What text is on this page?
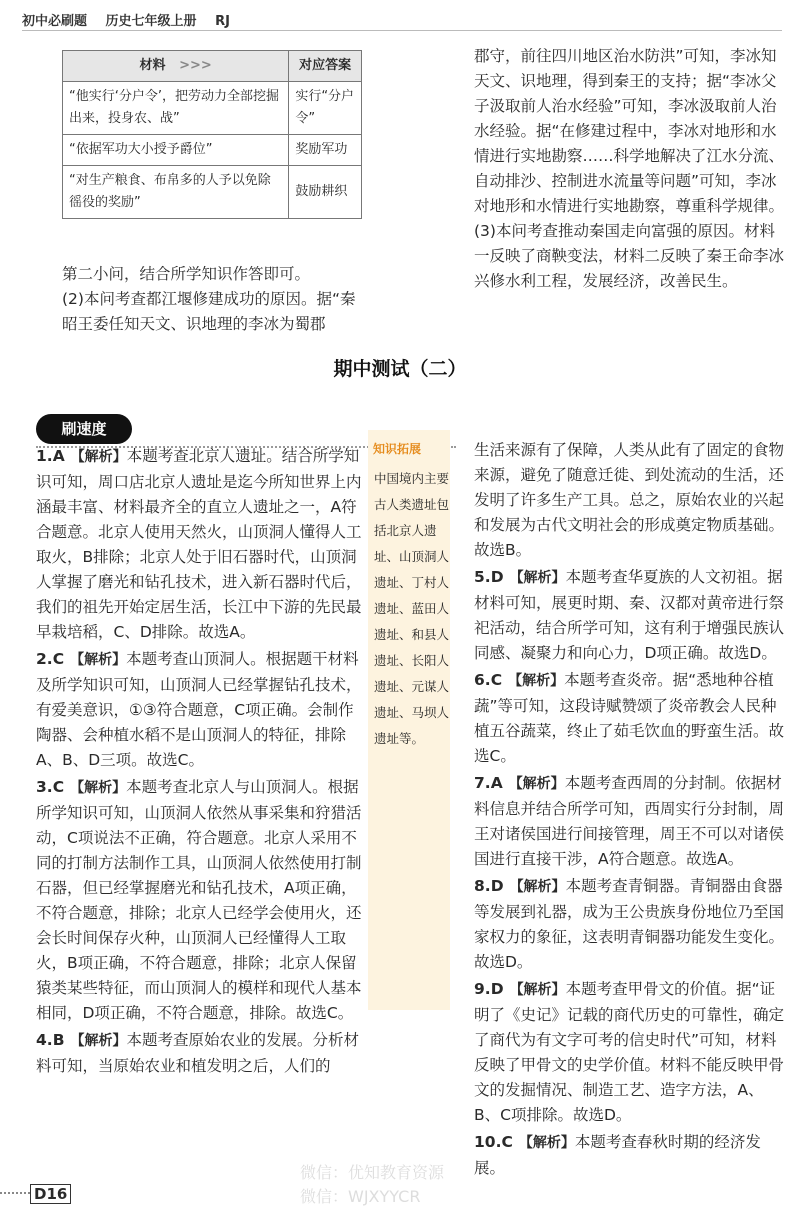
初中必刷题 历史七年级上册 RJ
材料 >>>	对应答案
“他实行‘分户令’，把劳动力全部挖掘出来，投身农、战”	实行“分户令”
“依据军功大小授予爵位”	奖励军功
“对生产粮食、布帛多的人予以免除徭役的奖励”	鼓励耕织

第二小问，结合所学知识作答即可。

(2)本问考查都江堰修建成功的原因。据“秦昭王委任知天文、识地理的李冰为蜀郡

郡守，前往四川地区治水防洪”可知，李冰知天文、识地理，得到秦王的支持；据“李冰父子汲取前人治水经验”可知，李冰汲取前人治水经验。据“在修建过程中，李冰对地形和水情进行实地勘察……科学地解决了江水分流、自动排沙、控制进水流量等问题”可知，李冰对地形和水情进行实地勘察，尊重科学规律。

(3)本问考查推动秦国走向富强的原因。材料一反映了商鞅变法，材料二反映了秦王命李冰兴修水利工程，发展经济，改善民生。

期中测试（二）
刷速度
知识拓展
中国境内主要古人类遗址包括北京人遗址、山顶洞人遗址、丁村人遗址、蓝田人遗址、和县人遗址、长阳人遗址、元谋人遗址、马坝人遗址等。

1.A 【解析】本题考查北京人遗址。结合所学知识可知，周口店北京人遗址是迄今所知世界上内涵最丰富、材料最齐全的直立人遗址之一，A符合题意。北京人使用天然火，山顶洞人懂得人工取火，B排除；北京人处于旧石器时代，山顶洞人掌握了磨光和钻孔技术，进入新石器时代后，我们的祖先开始定居生活，长江中下游的先民最早栽培稻，C、D排除。故选A。

2.C 【解析】本题考查山顶洞人。根据题干材料及所学知识可知，山顶洞人已经掌握钻孔技术，有爱美意识，①③符合题意，C项正确。会制作陶器、会种植水稻不是山顶洞人的特征，排除A、B、D三项。故选C。

3.C 【解析】本题考查北京人与山顶洞人。根据所学知识可知，山顶洞人依然从事采集和狩猎活动，C项说法不正确，符合题意。北京人采用不同的打制方法制作工具，山顶洞人依然使用打制石器，但已经掌握磨光和钻孔技术，A项正确，不符合题意，排除；北京人已经学会使用火，还会长时间保存火种，山顶洞人已经懂得人工取火，B项正确，不符合题意，排除；北京人保留猿类某些特征，而山顶洞人的模样和现代人基本相同，D项正确，不符合题意，排除。故选C。

4.B 【解析】本题考查原始农业的发展。分析材料可知，当原始农业和植发明之后，人们的

生活来源有了保障，人类从此有了固定的食物来源，避免了随意迁徙、到处流动的生活，还发明了许多生产工具。总之，原始农业的兴起和发展为古代文明社会的形成奠定物质基础。故选B。

5.D 【解析】本题考查华夏族的人文初祖。据材料可知，展更时期、秦、汉都对黄帝进行祭祀活动，结合所学可知，这有利于增强民族认同感、凝聚力和向心力，D项正确。故选D。

6.C 【解析】本题考查炎帝。据“悉地种谷植蔬”等可知，这段诗赋赞颂了炎帝教会人民种植五谷蔬菜，终止了茹毛饮血的野蛮生活。故选C。

7.A 【解析】本题考查西周的分封制。依据材料信息并结合所学可知，西周实行分封制，周王对诸侯国进行间接管理，周王不可以对诸侯国进行直接干涉，A符合题意。故选A。

8.D 【解析】本题考查青铜器。青铜器由食器等发展到礼器，成为王公贵族身份地位乃至国家权力的象征，这表明青铜器功能发生变化。故选D。

9.D 【解析】本题考查甲骨文的价值。据“证明了《史记》记载的商代历史的可靠性，确定了商代为有文字可考的信史时代”可知，材料反映了甲骨文的史学价值。材料不能反映甲骨文的发掘情况、制造工艺、造字方法，A、B、C项排除。故选D。

10.C 【解析】本题考查春秋时期的经济发展。

D16
微信：优知教育资源
微信：WJXYYCR
